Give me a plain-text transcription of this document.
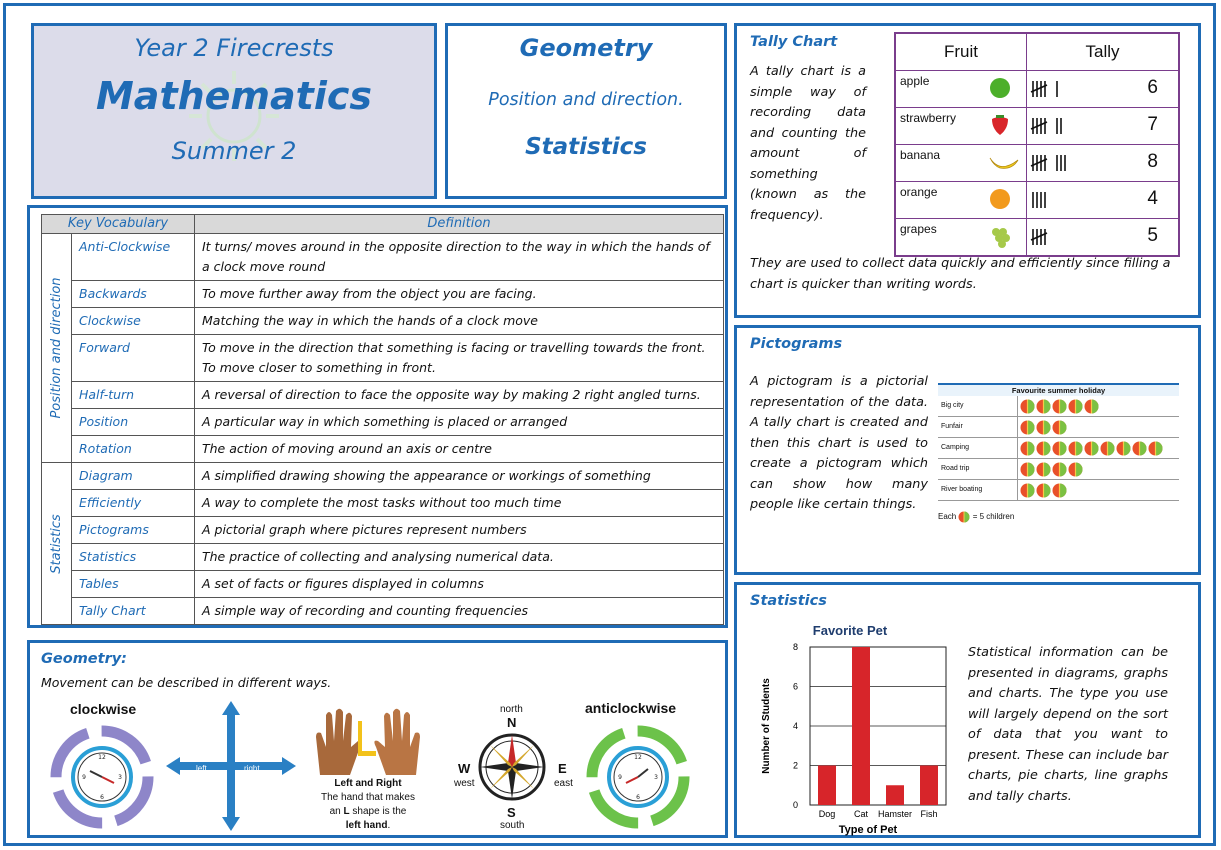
Year 2 Firecrests
Mathematics
Summer 2
Geometry
Position and direction.
Statistics
Key Vocabulary		Definition

Position and direction	Anti-Clockwise	It turns/ moves around in the opposite direction to the way in which the hands of a clock move round
	Backwards	To move further away from the object you are facing.
	Clockwise	Matching the way in which the hands of a clock move
	Forward	To move in the direction that something is facing or travelling towards the front. To move closer to something in front.
	Half-turn	A reversal of direction to face the opposite way by making 2 right angled turns.
	Position	A particular way in which something is placed or arranged
	Rotation	The action of moving around an axis or centre

Statistics	Diagram	A simplified drawing showing the appearance or workings of something
	Efficiently	A way to complete the most tasks without too much time
	Pictograms	A pictorial graph where pictures represent numbers
	Statistics	The practice of collecting and analysing numerical data.
	Tables	A set of facts or figures displayed in columns
	Tally Chart	A simple way of recording and counting frequencies
Tally Chart
A tally chart is a simple way of recording data and counting the amount of something (known as the frequency).
Fruit	Tally

apple	6

strawberry	7

banana	8

orange	4

grapes	5
They are used to collect data quickly and efficiently since filling a chart is quicker than writing words.
Pictograms
A pictogram is a pictorial representation of the data. A tally chart is created and then this chart is used to create a pictogram which can show how many people like certain things.
Favourite summer holiday
Big city
Funfair
Camping
Road trip
River boating
Each = 5 children
Statistics
Favorite Pet
0
2
4
6
8
Dog Cat Hamster Fish
Type of Pet
Number of Students
Statistical information can be presented in diagrams, graphs and charts. The type you use will largely depend on the sort of data that you want to present. These can include bar charts, pie charts, line graphs and tally charts.
Geometry:
Movement can be described in different ways.
clockwise
12
3
6
9
left	right
forwards
backwards	Left and Right
The hand that makes
an L shape is the
left hand.
north
N
W
west
E
east
S
south
anticlockwise
12
3
6
9
